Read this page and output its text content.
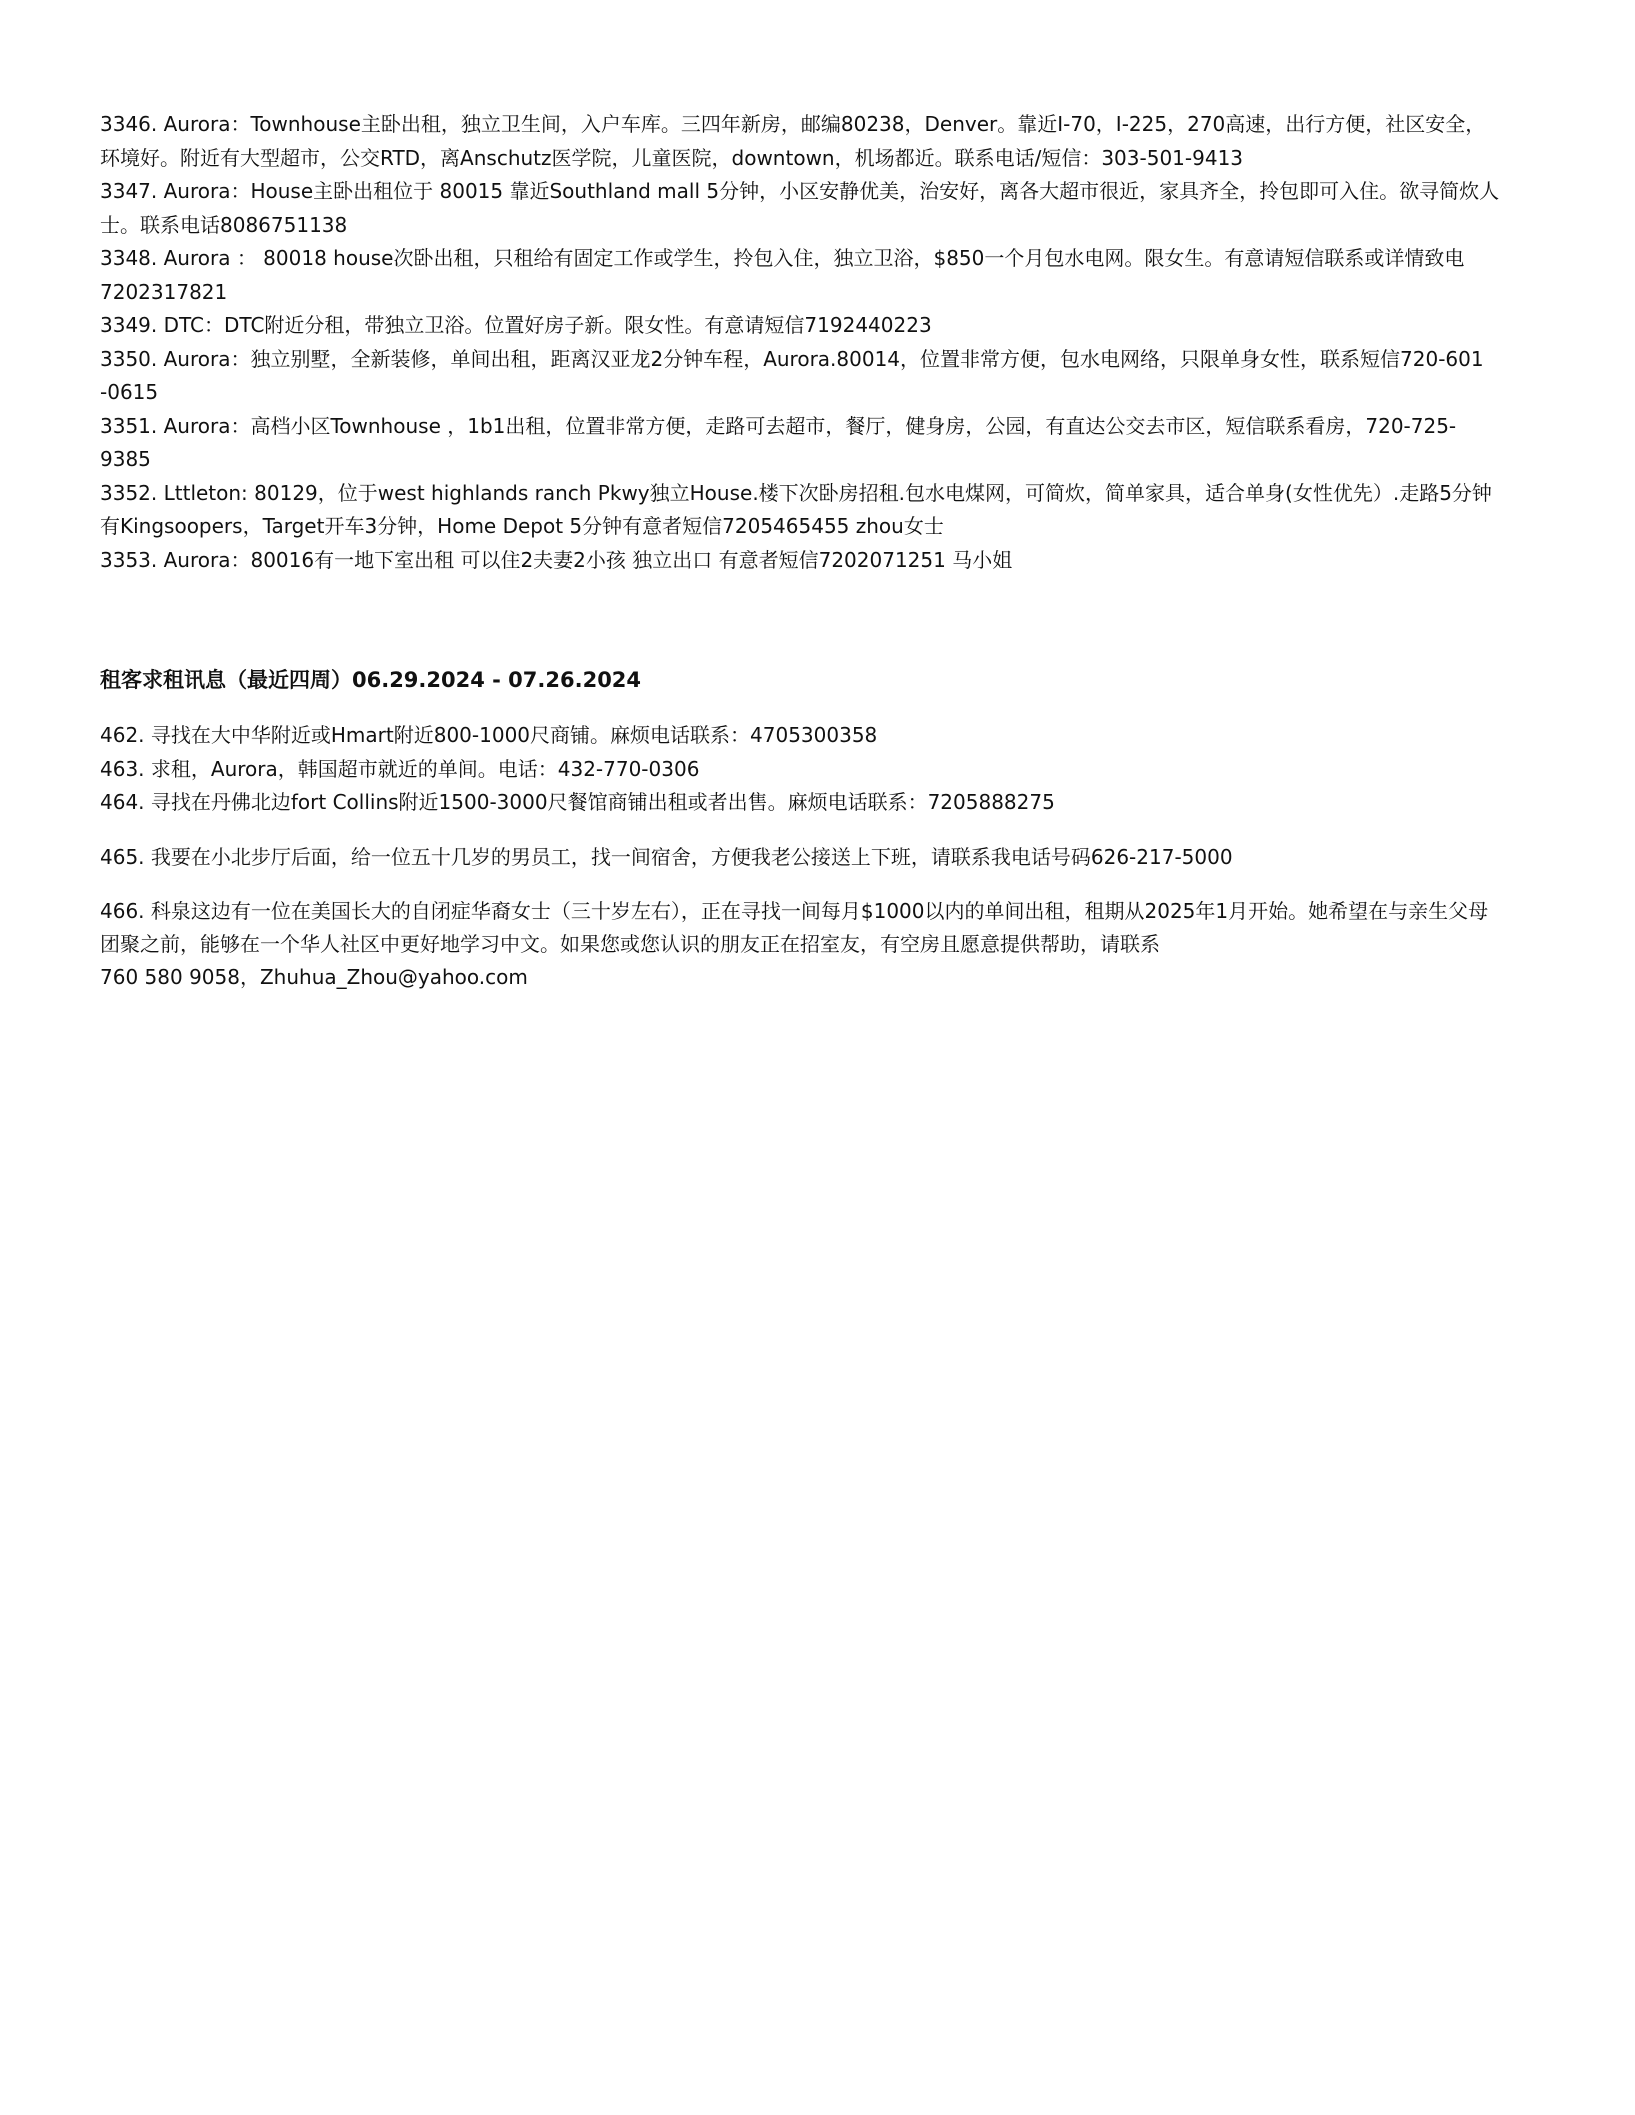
3346. Aurora：Townhouse主卧出租，独立卫生间，入户车库。三四年新房，邮编80238，Denver。靠近I-70，I-225，270高速，出行方便，社区安全，环境好。附近有大型超市，公交RTD，离Anschutz医学院，儿童医院，downtown，机场都近。联系电话/短信：303-501-9413
3347. Aurora：House主卧出租位于 80015 靠近Southland mall 5分钟，小区安静优美，治安好，离各大超市很近，家具齐全，拎包即可入住。欲寻简炊人士。联系电话8086751138
3348. Aurora ： 80018 house次卧出租，只租给有固定工作或学生，拎包入住，独立卫浴，$850一个月包水电网。限女生。有意请短信联系或详情致电7202317821
3349. DTC：DTC附近分租，带独立卫浴。位置好房子新。限女性。有意请短信7192440223
3350. Aurora：独立别墅，全新装修，单间出租，距离汉亚龙2分钟车程，Aurora.80014，位置非常方便，包水电网络，只限单身女性，联系短信720-601 -0615
3351. Aurora：高档小区Townhouse ，1b1出租，位置非常方便，走路可去超市，餐厅，健身房，公园，有直达公交去市区，短信联系看房，720-725-9385
3352. Lttleton: 80129，位于west highlands ranch Pkwy独立House.楼下次卧房招租.包水电煤网，可简炊，简单家具，适合单身(女性优先）.走路5分钟有Kingsoopers，Target开车3分钟，Home Depot 5分钟有意者短信7205465455 zhou女士
3353. Aurora：80016有一地下室出租 可以住2夫妻2小孩 独立出口 有意者短信7202071251 马小姐
租客求租讯息（最近四周）06.29.2024 - 07.26.2024
462. 寻找在大中华附近或Hmart附近800-1000尺商铺。麻烦电话联系：4705300358
463. 求租，Aurora，韩国超市就近的单间。电话：432-770-0306
464. 寻找在丹佛北边fort Collins附近1500-3000尺餐馆商铺出租或者出售。麻烦电话联系：7205888275
465. 我要在小北步厅后面，给一位五十几岁的男员工，找一间宿舍，方便我老公接送上下班，请联系我电话号码626-217-5000
466. 科泉这边有一位在美国长大的自闭症华裔女士（三十岁左右），正在寻找一间每月$1000以内的单间出租，租期从2025年1月开始。她希望在与亲生父母团聚之前，能够在一个华人社区中更好地学习中文。如果您或您认识的朋友正在招室友，有空房且愿意提供帮助，请联系
760 580 9058，Zhuhua_Zhou@yahoo.com
